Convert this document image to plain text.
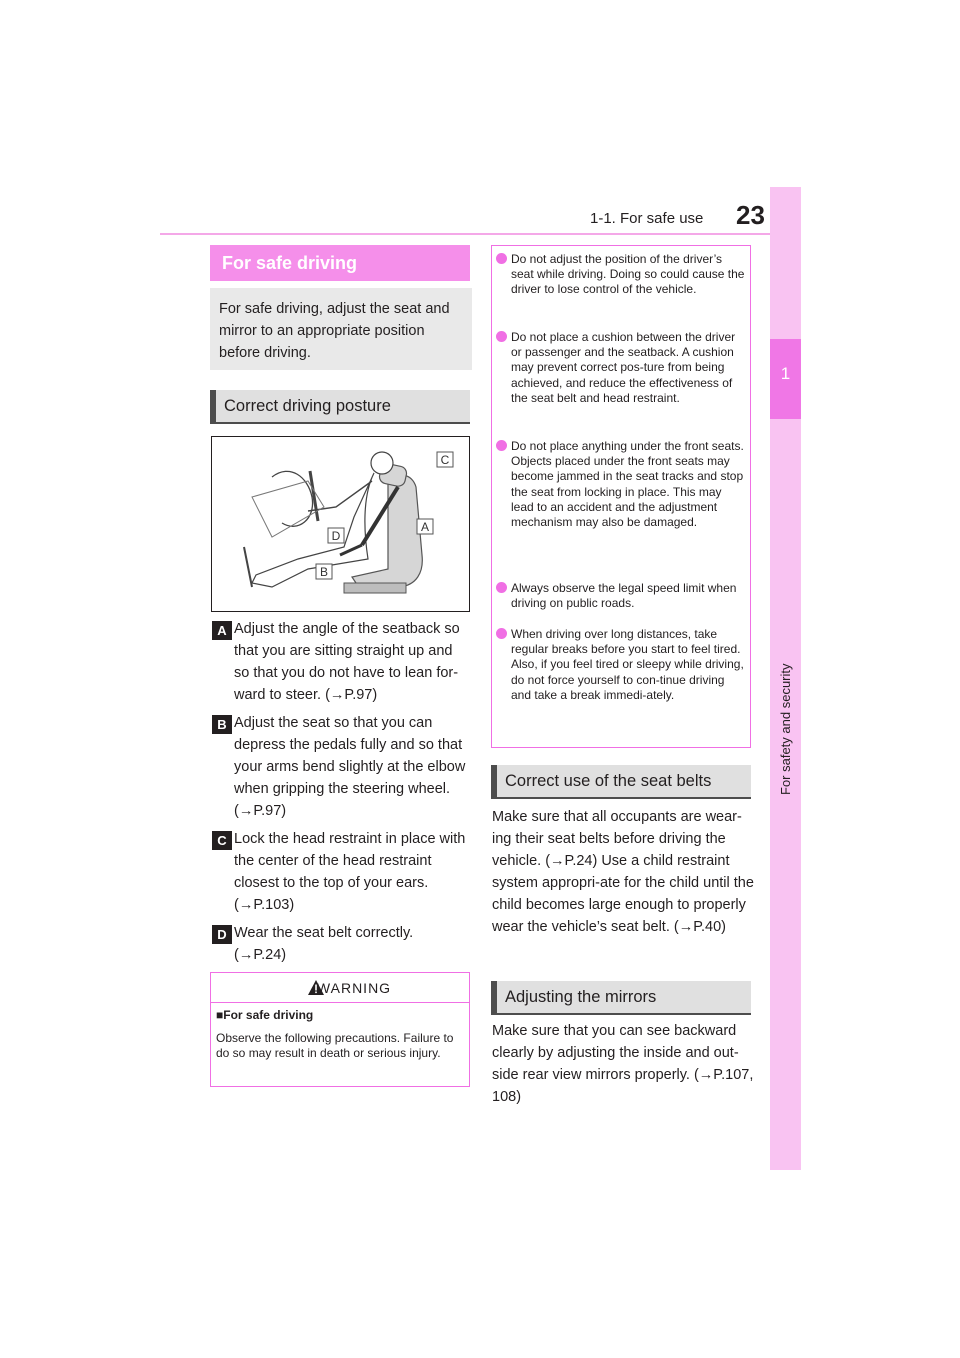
1-1. For safe use 23
1
For safety and security
For safe driving
For safe driving, adjust the seat and mirror to an appropriate position before driving.
Correct driving posture
C
A
D
B
A Adjust the angle of the seatback so that you are sitting straight up and so that you do not have to lean for-ward to steer. (→P.97)
B Adjust the seat so that you can depress the pedals fully and so that your arms bend slightly at the elbow when gripping the steering wheel. (→P.97)
C Lock the head restraint in place with the center of the head restraint closest to the top of your ears. (→P.103)
D Wear the seat belt correctly. (→P.24)
WARNING
■For safe driving
Observe the following precautions. Failure to do so may result in death or serious injury.
Do not adjust the position of the driver’s seat while driving. Doing so could cause the driver to lose control of the vehicle.
Do not place a cushion between the driver or passenger and the seatback. A cushion may prevent correct pos-ture from being achieved, and reduce the effectiveness of the seat belt and head restraint.
Do not place anything under the front seats. Objects placed under the front seats may become jammed in the seat tracks and stop the seat from locking in place. This may lead to an accident and the adjustment mechanism may also be damaged.
Always observe the legal speed limit when driving on public roads.
When driving over long distances, take regular breaks before you start to feel tired. Also, if you feel tired or sleepy while driving, do not force yourself to con-tinue driving and take a break immedi-ately.
Correct use of the seat belts
Make sure that all occupants are wear-ing their seat belts before driving the vehicle. (→P.24) Use a child restraint system appropri-ate for the child until the child becomes large enough to properly wear the vehicle’s seat belt. (→P.40)
Adjusting the mirrors
Make sure that you can see backward clearly by adjusting the inside and out-side rear view mirrors properly. (→P.107, 108)
